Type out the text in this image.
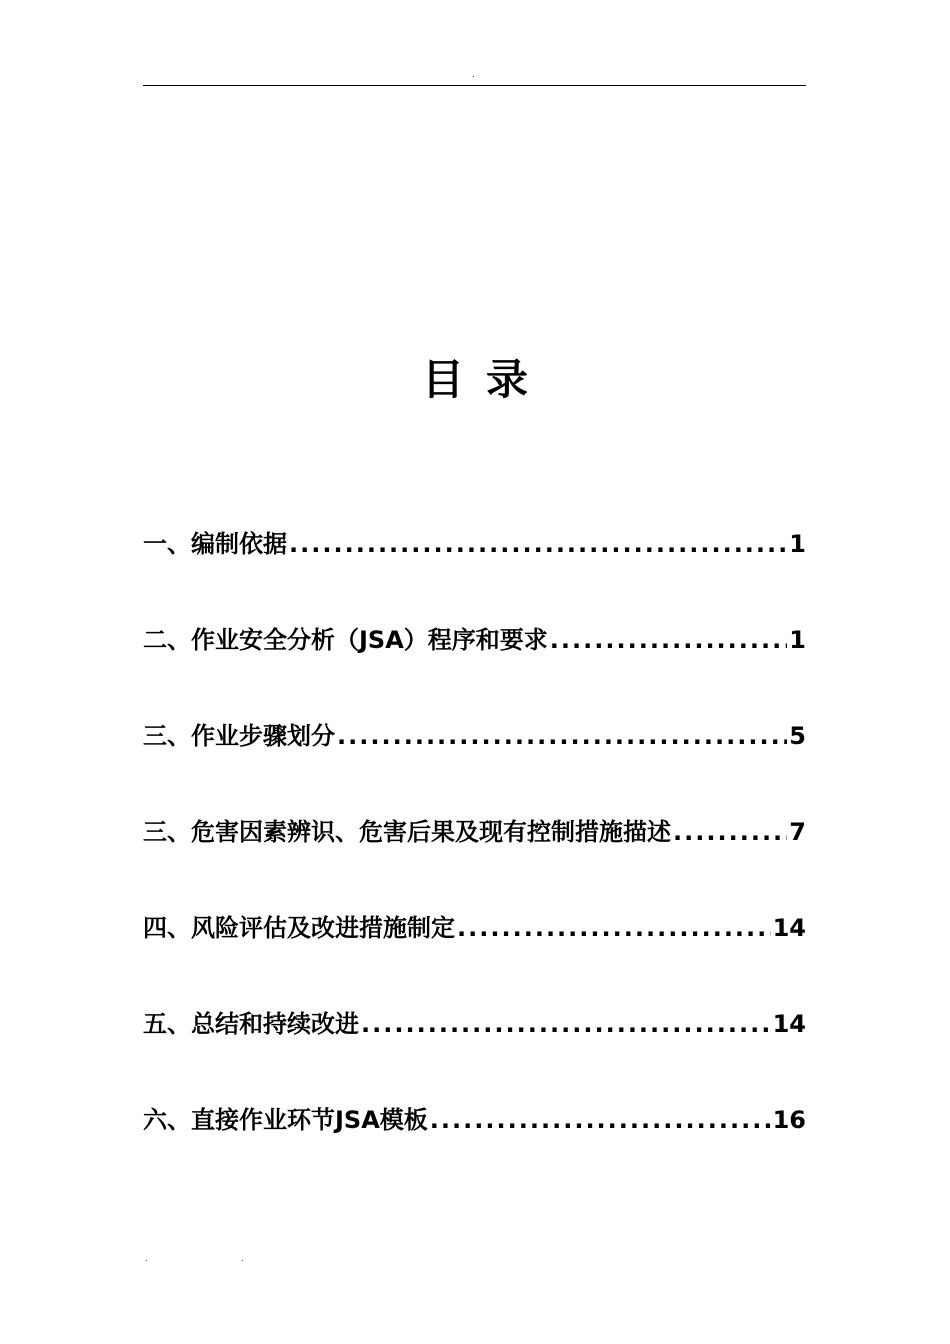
.
目录
一、编制依据 .....	1
二、作业安全分析（JSA）程序和要求 .....	1
三、作业步骤划分 .....	5
三、危害因素辨识、危害后果及现有控制措施描述 .....	7
四、风险评估及改进措施制定 .....	14
五、总结和持续改进 .....	14
六、直接作业环节JSA模板 .....	16
.	.
